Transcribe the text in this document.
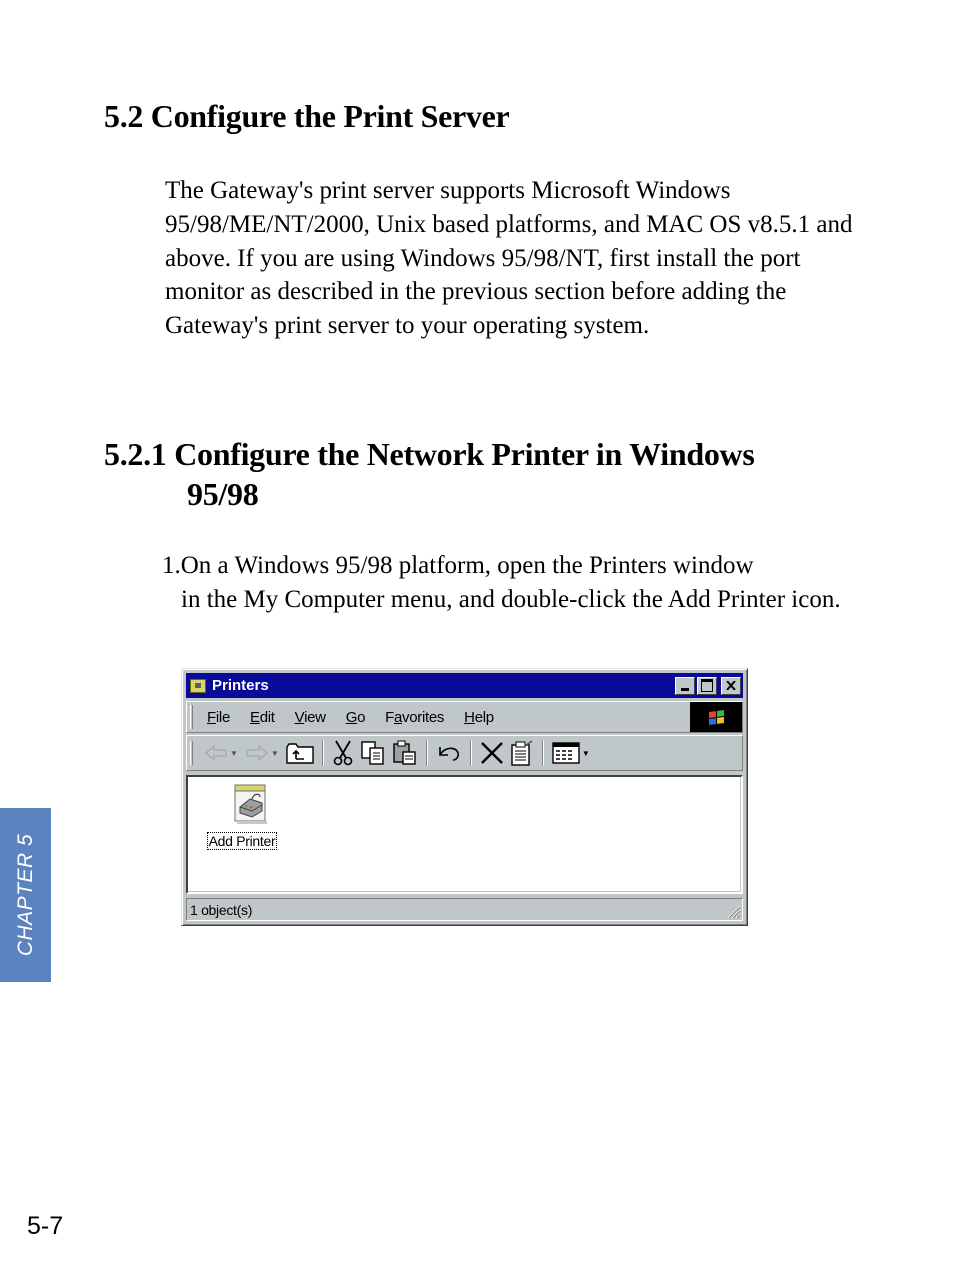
5.2 Configure the Print Server

The Gateway's print server supports Microsoft Windows 95/98/ME/NT/2000, Unix based platforms, and MAC OS v8.5.1 and above. If you are using Windows 95/98/NT, first install the port monitor as described in the previous section before adding the Gateway's print server to your operating system.

5.2.1 Configure the Network Printer in Windows
95/98
1.On a Windows 95/98 platform, open the Printers window
in the My Computer menu, and double-click the Add Printer icon.
Printers
File Edit View Go Favorites Help
▼	▼	▼
Add Printer
1 object(s)
CHAPTER 5
5-7
